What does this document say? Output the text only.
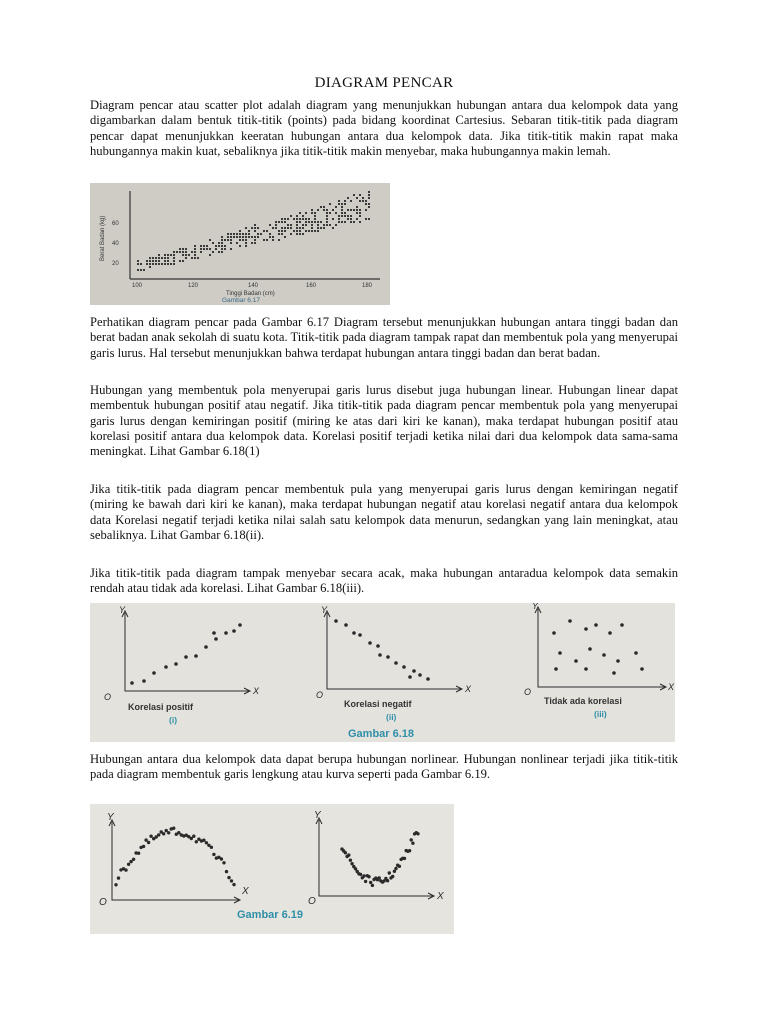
DIAGRAM PENCAR

Diagram pencar atau scatter plot adalah diagram yang menunjukkan hubungan antara dua kelompok data yang digambarkan dalam bentuk titik-titik (points) pada bidang koordinat Cartesius. Sebaran titik-titik pada diagram pencar dapat menunjukkan keeratan hubungan antara dua kelompok data. Jika titik-titik makin rapat maka hubungannya makin kuat, sebaliknya jika titik-titik makin menyebar, maka hubungannya makin lemah.

60
40
20
100	120	140	160	180
Berat Badan (kg)
Tinggi Badan (cm)
Gambar 6.17

Perhatikan diagram pencar pada Gambar 6.17 Diagram tersebut menunjukkan hubungan antara tinggi badan dan berat badan anak sekolah di suatu kota. Titik-titik pada diagram tampak rapat dan membentuk pola yang menyerupai garis lurus. Hal tersebut menunjukkan bahwa terdapat hubungan antara tinggi badan dan berat badan.

Hubungan yang membentuk pola menyerupai garis lurus disebut juga hubungan linear. Hubungan linear dapat membentuk hubungan positif atau negatif. Jika titik-titik pada diagram pencar membentuk pola yang menyerupai garis lurus dengan kemiringan positif (miring ke atas dari kiri ke kanan), maka terdapat hubungan positif atau korelasi positif antara dua kelompok data. Korelasi positif terjadi ketika nilai dari dua kelompok data sama-sama meningkat. Lihat Gambar 6.18(1)

Jika titik-titik pada diagram pencar membentuk pula yang menyerupai garis lurus dengan kemiringan negatif (miring ke bawah dari kiri ke kanan), maka terdapat hubungan negatif atau korelasi negatif antara dua kelompok data Korelasi negatif terjadi ketika nilai salah satu kelompok data menurun, sedangkan yang lain meningkat, atau sebaliknya. Lihat Gambar 6.18(ii).

Jika titik-titik pada diagram tampak menyebar secara acak, maka hubungan antaradua kelompok data semakin rendah atau tidak ada korelasi. Lihat Gambar 6.18(iii).

Y
X
O
Y
X
O
Y
X
O
Korelasi positif	Korelasi negatif	Tidak ada korelasi
(i)	(ii)	(iii)
Gambar 6.18

Hubungan antara dua kelompok data dapat berupa hubungan norlinear. Hubungan nonlinear terjadi jika titik-titik pada diagram membentuk garis lengkung atau kurva seperti pada Gambar 6.19.

Y
X
O
Y
X
O
Gambar 6.19
